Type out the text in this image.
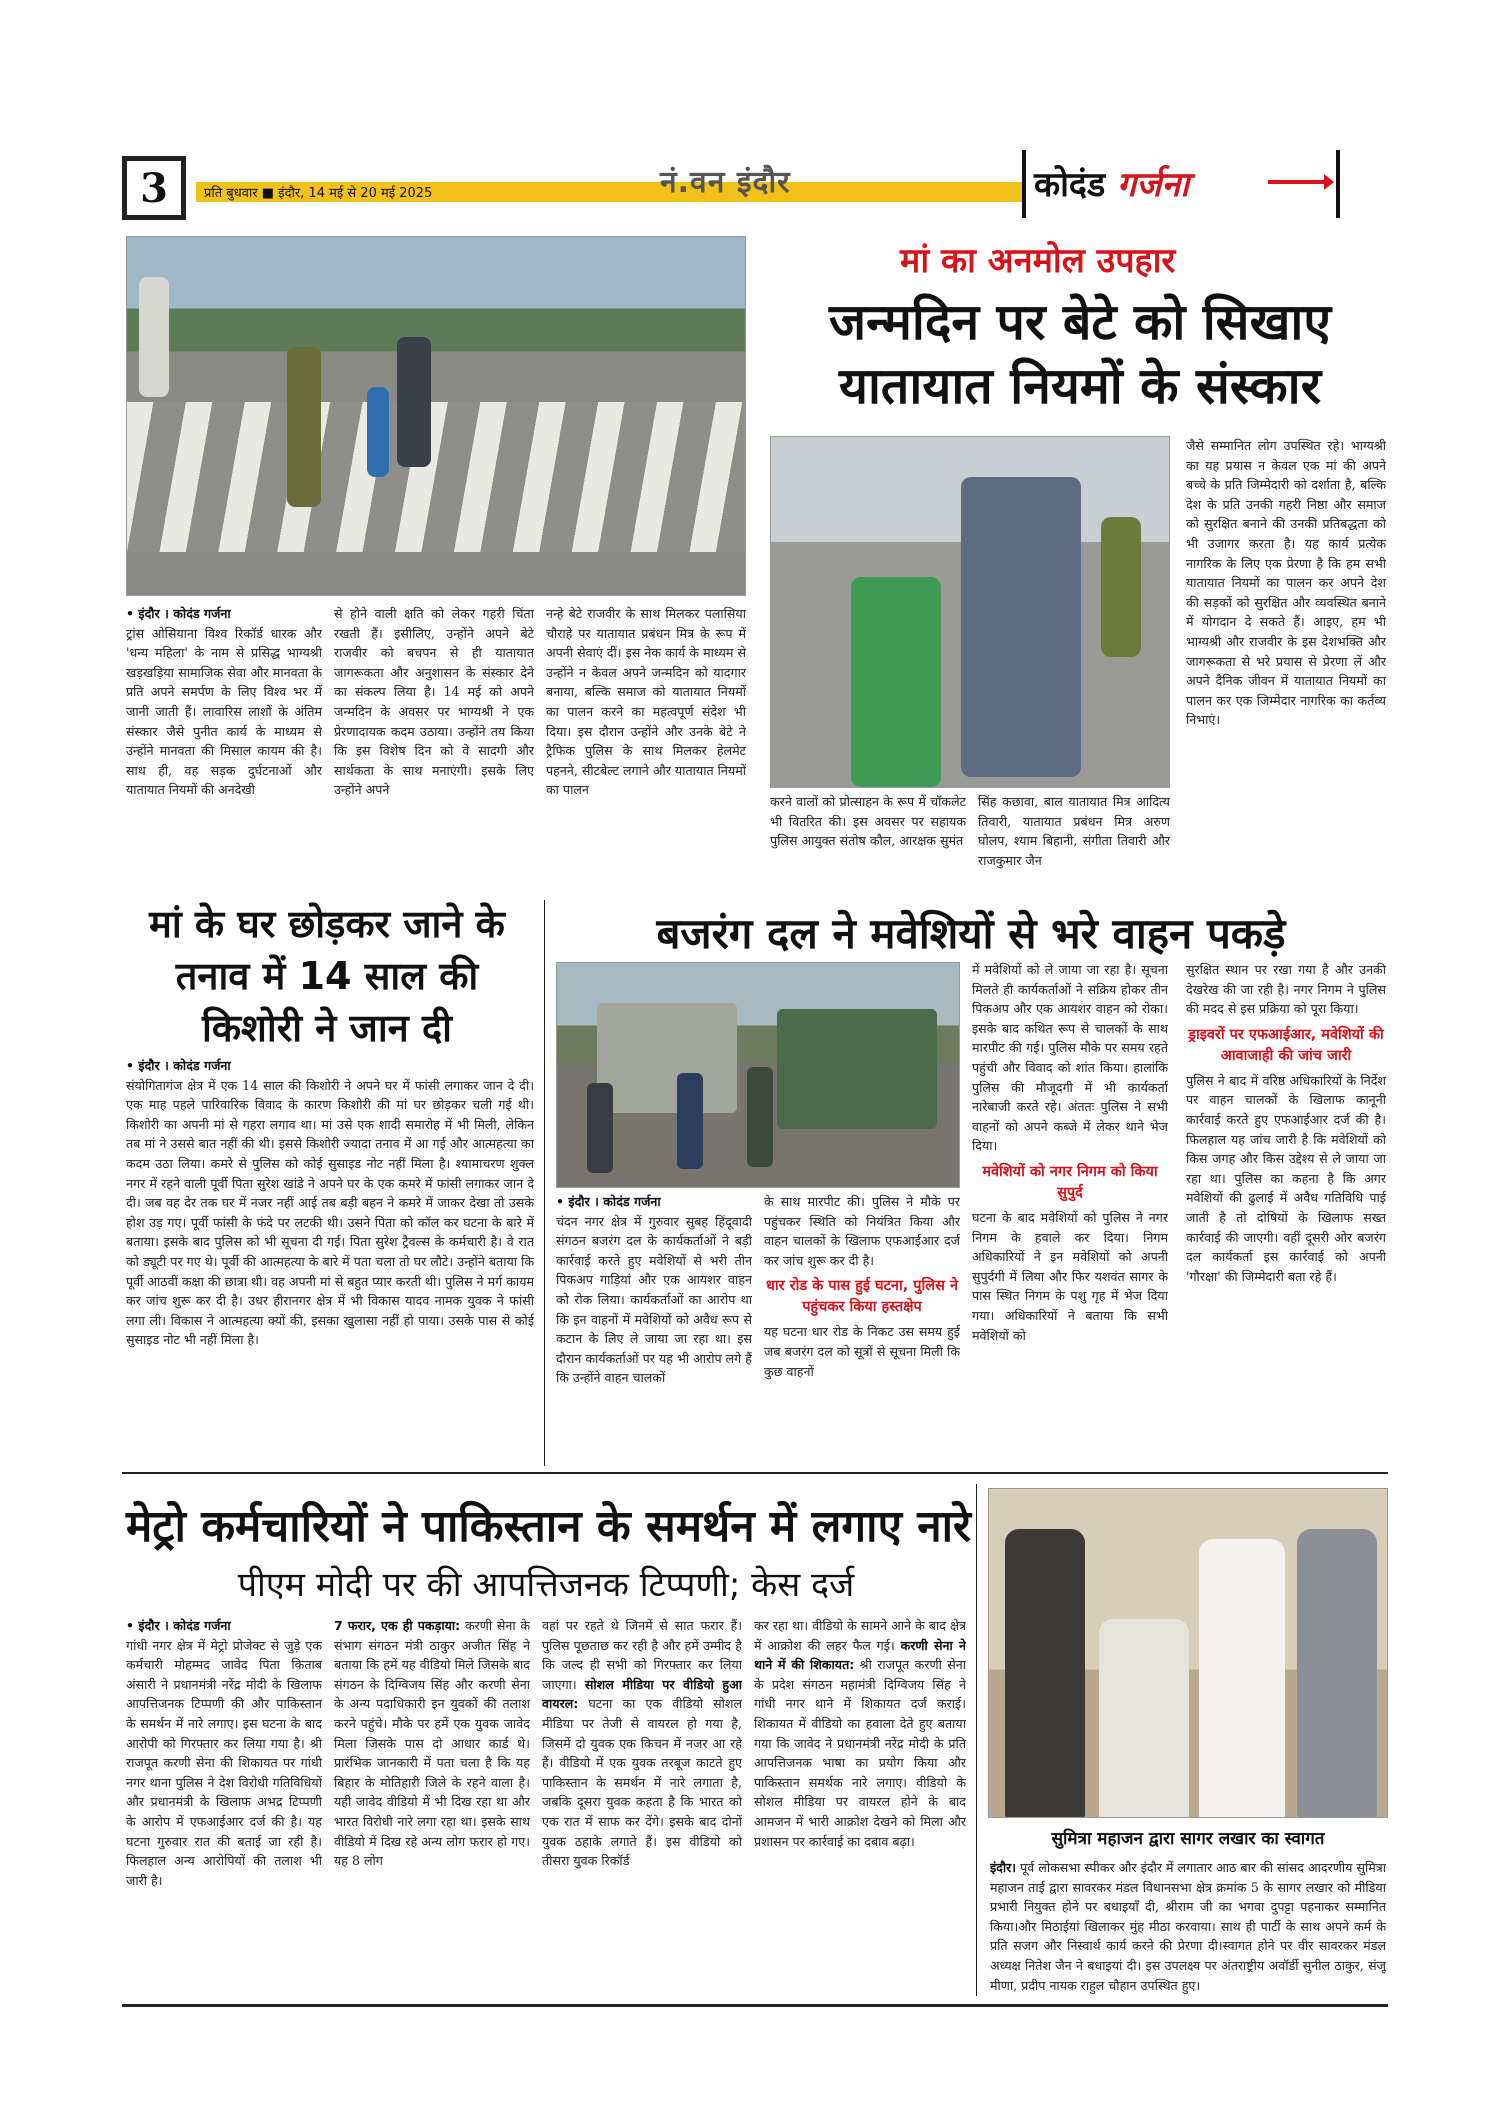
3	प्रति बुधवार ■ इंदौर, 14 मई से 20 मई 2025	नं.वन इंदौर	कोदंड गर्जना
मां का अनमोल उपहार
जन्मदिन पर बेटे को सिखाए
यातायात नियमों के संस्कार
• इंदौर । कोदंड गर्जना
ट्रांस ओसियाना विश्व रिकॉर्ड धारक और 'धन्य महिला' के नाम से प्रसिद्ध भाग्यश्री खड़खड़िया सामाजिक सेवा और मानवता के प्रति अपने समर्पण के लिए विश्व भर में जानी जाती हैं। लावारिस लाशों के अंतिम संस्कार जैसे पुनीत कार्य के माध्यम से उन्होंने मानवता की मिसाल कायम की है। साथ ही, वह सड़क दुर्घटनाओं और यातायात नियमों की अनदेखी
से होने वाली क्षति को लेकर गहरी चिंता रखती हैं। इसीलिए, उन्होंने अपने बेटे राजवीर को बचपन से ही यातायात जागरूकता और अनुशासन के संस्कार देने का संकल्प लिया है। 14 मई को अपने जन्मदिन के अवसर पर भाग्यश्री ने एक प्रेरणादायक कदम उठाया। उन्होंने तय किया कि इस विशेष दिन को वे सादगी और सार्थकता के साथ मनाएंगी। इसके लिए उन्होंने अपने
नन्हे बेटे राजवीर के साथ मिलकर पलासिया चौराहे पर यातायात प्रबंधन मित्र के रूप में अपनी सेवाएं दीं। इस नेक कार्य के माध्यम से उन्होंने न केवल अपने जन्मदिन को यादगार बनाया, बल्कि समाज को यातायात नियमों का पालन करने का महत्वपूर्ण संदेश भी दिया। इस दौरान उन्होंने और उनके बेटे ने ट्रैफिक पुलिस के साथ मिलकर हेलमेट पहनने, सीटबेल्ट लगाने और यातायात नियमों का पालन
करने वालों को प्रोत्साहन के रूप में चॉकलेट भी वितरित की। इस अवसर पर सहायक पुलिस आयुक्त संतोष कौल, आरक्षक सुमंत
सिंह कछावा, बाल यातायात मित्र आदित्य तिवारी, यातायात प्रबंधन मित्र अरुण घोलप, श्याम बिहानी, संगीता तिवारी और राजकुमार जैन
जैसे सम्मानित लोग उपस्थित रहे। भाग्यश्री का यह प्रयास न केवल एक मां की अपने बच्चे के प्रति जिम्मेदारी को दर्शाता है, बल्कि देश के प्रति उनकी गहरी निष्ठा और समाज को सुरक्षित बनाने की उनकी प्रतिबद्धता को भी उजागर करता है। यह कार्य प्रत्येक नागरिक के लिए एक प्रेरणा है कि हम सभी यातायात नियमों का पालन कर अपने देश की सड़कों को सुरक्षित और व्यवस्थित बनाने में योगदान दे सकते हैं। आइए, हम भी भाग्यश्री और राजवीर के इस देशभक्ति और जागरूकता से भरे प्रयास से प्रेरणा लें और अपने दैनिक जीवन में यातायात नियमों का पालन कर एक जिम्मेदार नागरिक का कर्तव्य निभाएं।
मां के घर छोड़कर जाने के तनाव में 14 साल की किशोरी ने जान दी
• इंदौर । कोदंड गर्जना
संयोगितागंज क्षेत्र में एक 14 साल की किशोरी ने अपने घर में फांसी लगाकर जान दे दी। एक माह पहले पारिवारिक विवाद के कारण किशोरी की मां घर छोड़कर चली गई थी। किशोरी का अपनी मां से गहरा लगाव था। मां उसे एक शादी समारोह में भी मिली, लेकिन तब मां ने उससे बात नहीं की थी। इससे किशोरी ज्यादा तनाव में आ गई और आत्महत्या का कदम उठा लिया। कमरे से पुलिस को कोई सुसाइड नोट नहीं मिला है। श्यामाचरण शुक्ल नगर में रहने वाली पूर्वी पिता सुरेश खांडे ने अपने घर के एक कमरे में फांसी लगाकर जान दे दी। जब वह देर तक घर में नजर नहीं आई तब बड़ी बहन ने कमरे में जाकर देखा तो उसके होश उड़ गए। पूर्वी फांसी के फंदे पर लटकी थी। उसने पिता को कॉल कर घटना के बारे में बताया। इसके बाद पुलिस को भी सूचना दी गई। पिता सुरेश ट्रैवल्स के कर्मचारी है। वे रात को ड्यूटी पर गए थे। पूर्वी की आत्महत्या के बारे में पता चला तो घर लौटे। उन्होंने बताया कि पूर्वी आठवीं कक्षा की छात्रा थी। वह अपनी मां से बहुत प्यार करती थी। पुलिस ने मर्ग कायम कर जांच शुरू कर दी है। उधर हीरानगर क्षेत्र में भी विकास यादव नामक युवक ने फांसी लगा ली। विकास ने आत्महत्या क्यों की, इसका खुलासा नहीं हो पाया। उसके पास से कोई सुसाइड नोट भी नहीं मिला है।
बजरंग दल ने मवेशियों से भरे वाहन पकड़े
• इंदौर । कोदंड गर्जना
चंदन नगर क्षेत्र में गुरुवार सुबह हिंदूवादी संगठन बजरंग दल के कार्यकर्ताओं ने बड़ी कार्रवाई करते हुए मवेशियों से भरी तीन पिकअप गाड़ियां और एक आयशर वाहन को रोक लिया। कार्यकर्ताओं का आरोप था कि इन वाहनों में मवेशियों को अवैध रूप से कटान के लिए ले जाया जा रहा था। इस दौरान कार्यकर्ताओं पर यह भी आरोप लगे हैं कि उन्होंने वाहन चालकों
के साथ मारपीट की। पुलिस ने मौके पर पहुंचकर स्थिति को नियंत्रित किया और वाहन चालकों के खिलाफ एफआईआर दर्ज कर जांच शुरू कर दी है।
धार रोड के पास हुई घटना, पुलिस ने पहुंचकर किया हस्तक्षेप
यह घटना धार रोड के निकट उस समय हुई जब बजरंग दल को सूत्रों से सूचना मिली कि कुछ वाहनों
में मवेशियों को ले जाया जा रहा है। सूचना मिलते ही कार्यकर्ताओं ने सक्रिय होकर तीन पिकअप और एक आयशर वाहन को रोका। इसके बाद कथित रूप से चालकों के साथ मारपीट की गई। पुलिस मौके पर समय रहते पहुंची और विवाद को शांत किया। हालांकि पुलिस की मौजूदगी में भी कार्यकर्ता नारेबाजी करते रहे। अंततः पुलिस ने सभी वाहनों को अपने कब्जे में लेकर थाने भेज दिया।
मवेशियों को नगर निगम को किया सुपुर्द
घटना के बाद मवेशियों को पुलिस ने नगर निगम के हवाले कर दिया। निगम अधिकारियों ने इन मवेशियों को अपनी सुपुर्दगी में लिया और फिर यशवंत सागर के पास स्थित निगम के पशु गृह में भेज दिया गया। अधिकारियों ने बताया कि सभी मवेशियों को
सुरक्षित स्थान पर रखा गया है और उनकी देखरेख की जा रही है। नगर निगम ने पुलिस की मदद से इस प्रक्रिया को पूरा किया।
ड्राइवरों पर एफआईआर, मवेशियों की आवाजाही की जांच जारी
पुलिस ने बाद में वरिष्ठ अधिकारियों के निर्देश पर वाहन चालकों के खिलाफ कानूनी कार्रवाई करते हुए एफआईआर दर्ज की है। फिलहाल यह जांच जारी है कि मवेशियों को किस जगह और किस उद्देश्य से ले जाया जा रहा था। पुलिस का कहना है कि अगर मवेशियों की ढुलाई में अवैध गतिविधि पाई जाती है तो दोषियों के खिलाफ सख्त कार्रवाई की जाएगी। वहीं दूसरी ओर बजरंग दल कार्यकर्ता इस कार्रवाई को अपनी 'गौरक्षा' की जिम्मेदारी बता रहे हैं।
मेट्रो कर्मचारियों ने पाकिस्तान के समर्थन में लगाए नारे
पीएम मोदी पर की आपत्तिजनक टिप्पणी; केस दर्ज
• इंदौर । कोदंड गर्जना
गांधी नगर क्षेत्र में मेट्रो प्रोजेक्ट से जुड़े एक कर्मचारी मोहम्मद जावेद पिता किताब अंसारी ने प्रधानमंत्री नरेंद्र मोदी के खिलाफ आपत्तिजनक टिप्पणी की और पाकिस्तान के समर्थन में नारे लगाए। इस घटना के बाद आरोपी को गिरफ्तार कर लिया गया है। श्री राजपूत करणी सेना की शिकायत पर गांधी नगर थाना पुलिस ने देश विरोधी गतिविधियों और प्रधानमंत्री के खिलाफ अभद्र टिप्पणी के आरोप में एफआईआर दर्ज की है। यह घटना गुरुवार रात की बताई जा रही है। फिलहाल अन्य आरोपियों की तलाश भी जारी है।
7 फरार, एक ही पकड़ाया: करणी सेना के संभाग संगठन मंत्री ठाकुर अजीत सिंह ने बताया कि हमें यह वीडियो मिले जिसके बाद संगठन के दिग्विजय सिंह और करणी सेना के अन्य पदाधिकारी इन युवकों की तलाश करने पहुंचे। मौके पर हमें एक युवक जावेद मिला जिसके पास दो आधार कार्ड थे। प्रारंभिक जानकारी में पता चला है कि यह बिहार के मोतिहारी जिले के रहने वाला है। यही जावेद वीडियो में भी दिख रहा था और भारत विरोधी नारे लगा रहा था। इसके साथ वीडियो में दिख रहे अन्य लोग फरार हो गए। यह 8 लोग
वहां पर रहते थे जिनमें से सात फरार हैं। पुलिस पूछताछ कर रही है और हमें उम्मीद है कि जल्द ही सभी को गिरफ्तार कर लिया जाएगा। सोशल मीडिया पर वीडियो हुआ वायरल: घटना का एक वीडियो सोशल मीडिया पर तेजी से वायरल हो गया है, जिसमें दो युवक एक किचन में नजर आ रहे हैं। वीडियो में एक युवक तरबूज काटते हुए पाकिस्तान के समर्थन में नारे लगाता है, जबकि दूसरा युवक कहता है कि भारत को एक रात में साफ कर देंगे। इसके बाद दोनों युवक ठहाके लगाते हैं। इस वीडियो को तीसरा युवक रिकॉर्ड
कर रहा था। वीडियो के सामने आने के बाद क्षेत्र में आक्रोश की लहर फैल गई। करणी सेना ने थाने में की शिकायत: श्री राजपूत करणी सेना के प्रदेश संगठन महामंत्री दिग्विजय सिंह ने गांधी नगर थाने में शिकायत दर्ज कराई। शिकायत में वीडियो का हवाला देते हुए बताया गया कि जावेद ने प्रधानमंत्री नरेंद्र मोदी के प्रति आपत्तिजनक भाषा का प्रयोग किया और पाकिस्तान समर्थक नारे लगाए। वीडियो के सोशल मीडिया पर वायरल होने के बाद आमजन में भारी आक्रोश देखने को मिला और प्रशासन पर कार्रवाई का दबाव बढ़ा।	सुमित्रा महाजन द्वारा सागर लखार का स्वागत
इंदौर। पूर्व लोकसभा स्पीकर और इंदौर में लगातार आठ बार की सांसद आदरणीय सुमित्रा महाजन ताई द्वारा सावरकर मंडल विधानसभा क्षेत्र क्रमांक 5 के सागर लखार को मीडिया प्रभारी नियुक्त होने पर बधाइयाँ दी, श्रीराम जी का भगवा दुपट्टा पहनाकर सम्मानित किया।और मिठाईयां खिलाकर मुंह मीठा करवाया। साथ ही पार्टी के साथ अपने कर्म के प्रति सजग और निस्वार्थ कार्य करने की प्रेरणा दी।स्वागत होने पर वीर सावरकर मंडल अध्यक्ष नितेश जैन ने बधाइयां दी। इस उपलक्ष्य पर अंतराष्ट्रीय अवॉर्डी सुनील ठाकुर, संजू मीणा, प्रदीप नायक राहुल चौहान उपस्थित हुए।
